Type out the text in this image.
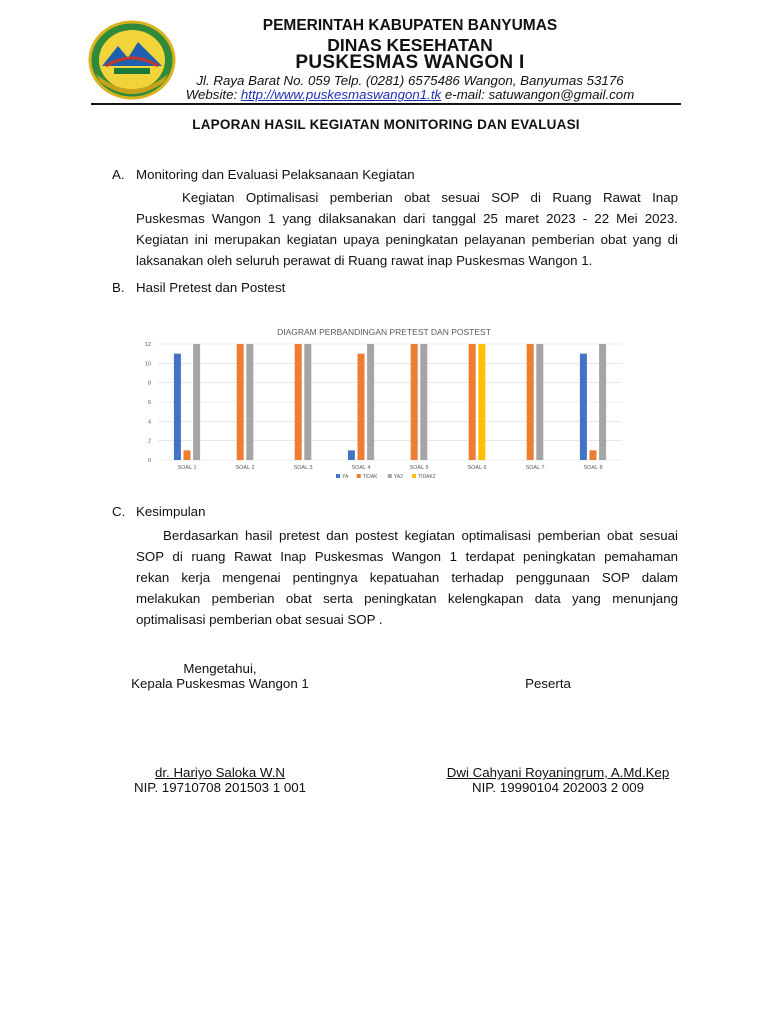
PEMERINTAH KABUPATEN BANYUMAS
DINAS KESEHATAN
PUSKESMAS WANGON I
Jl. Raya Barat No. 059 Telp. (0281) 6575486 Wangon, Banyumas 53176
Website: http://www.puskesmaswangon1.tk e-mail: satuwangon@gmail.com
LAPORAN HASIL KEGIATAN MONITORING DAN EVALUASI
A. Monitoring dan Evaluasi Pelaksanaan Kegiatan
Kegiatan Optimalisasi pemberian obat sesuai SOP di Ruang Rawat Inap
Puskesmas Wangon 1 yang dilaksanakan dari tanggal 25 maret 2023 - 22 Mei 2023.
Kegiatan ini merupakan kegiatan upaya peningkatan pelayanan pemberian obat yang di
laksanakan oleh seluruh perawat di Ruang rawat inap Puskesmas Wangon 1.
B. Hasil Pretest dan Postest
DIAGRAM PERBANDINGAN PRETEST DAN POSTEST
0
2
4
6
8
10
12
SOAL 1	SOAL 2	SOAL 3	SOAL 4	SOAL 5	SOAL 6	SOAL 7	SOAL 8
YA	TIDAK	YA2	TIDAK2
C. Kesimpulan
Berdasarkan hasil pretest dan postest kegiatan optimalisasi pemberian obat sesuai
SOP di ruang Rawat Inap Puskesmas Wangon 1 terdapat peningkatan pemahaman
rekan kerja mengenai pentingnya kepatuahan terhadap penggunaan SOP dalam
melakukan pemberian obat serta peningkatan kelengkapan data yang menunjang
optimalisasi pemberian obat sesuai SOP .
Mengetahui,
Kepala Puskesmas Wangon 1	Peserta
dr. Hariyo Saloka W.N
NIP. 19710708 201503 1 001
Dwi Cahyani Royaningrum, A.Md.Kep
NIP. 19990104 202003 2 009
